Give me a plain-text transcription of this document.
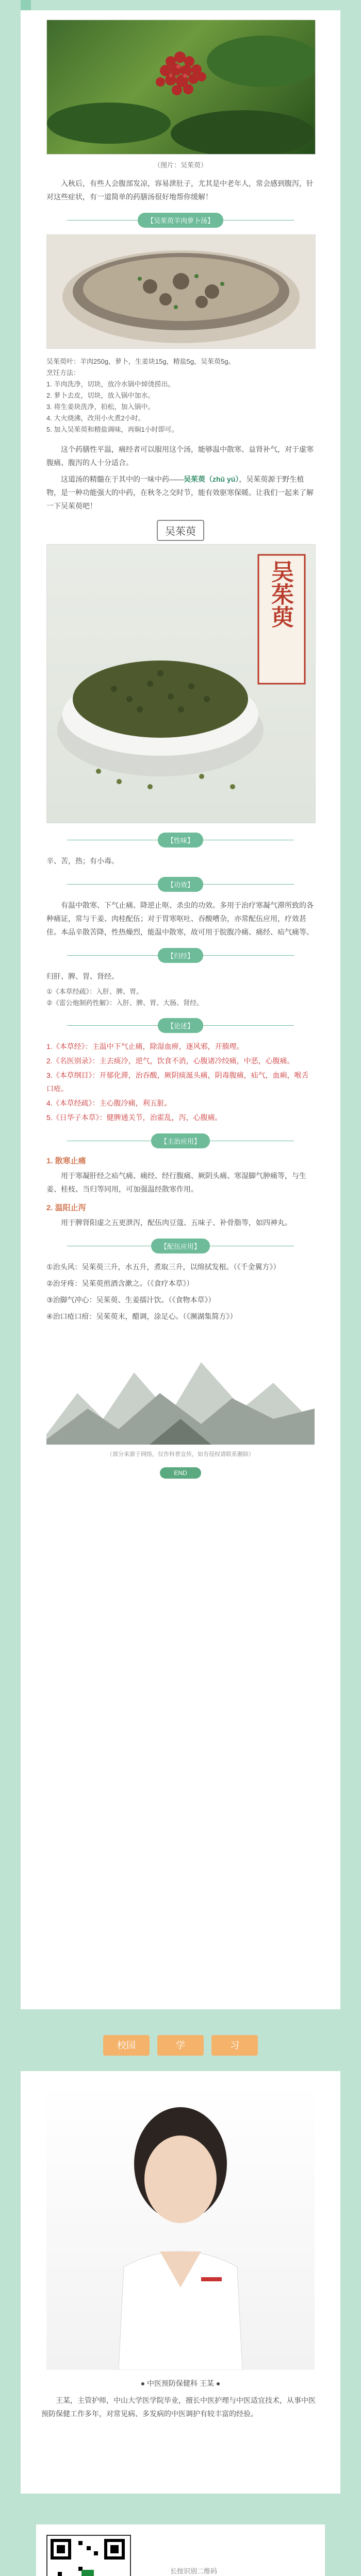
（图片：吴茱萸）

入秋后，有些人会腹部发凉，容易泄肚子，尤其是中老年人，常会感到腹泻，针对这些症状，有一道简单的药膳汤很好地帮你缓解！

【吴茱萸羊肉萝卜汤】

吴茱萸叶：羊肉250g，萝卜，生姜块15g，精盐5g，吴茱萸5g。

烹饪方法：

1. 羊肉洗净，切块，放冷水锅中焯烫捞出。

2. 萝卜去皮，切块，放入锅中加水。

3. 将生姜块洗净，拍松，加入锅中。

4. 大火烧沸，改用小火煮2小时。

5. 加入吴茱萸和精盐调味，再焖1小时即可。

这个药膳性平温，痛经者可以服用这个汤，能够温中散寒、益肾补气，对于虚寒腹痛、腹泻的人十分适合。

这道汤的精髓在于其中的一味中药——吴茱萸（zhū yú），吴茱萸源于野生植物，是一种功能强大的中药，在秋冬之交时节，能有效驱寒保暖。让我们一起来了解一下吴茱萸吧！

吴茱萸
吴茱萸
【性味】

辛、苦，热；有小毒。

【功效】

有温中散寒、下气止痛、降逆止呕、杀虫的功效。多用于治疗寒凝气滞所致的各种痛证，常与干姜、肉桂配伍；对于胃寒呕吐、吞酸嘈杂，亦常配伍应用，疗效甚佳。本品辛散苦降，性热燥烈，能温中散寒，故可用于脘腹冷痛、痛经、疝气痛等。

【归经】

归肝、脾、胃、肾经。

①《本草经疏》：入肝、脾、胃。

②《雷公炮制药性解》：入肝、脾、胃、大肠、肾经。

【论述】

1.《本草经》：主温中下气止痛，除湿血痹，逐风邪，开腠理。

2.《名医别录》：主去痰冷，逆气，饮食不消，心腹诸冷绞痛，中恶，心腹痛。

3.《本草纲目》：开郁化滞，治吞酸，厥阴痰涎头痛，阴毒腹痛，疝气，血痢，喉舌口疮。

4.《本草经疏》：主心腹冷痛，利五脏。

5.《日华子本草》：健脾通关节，治霍乱，泻，心腹痛。

【主治应用】
1. 散寒止痛

用于寒凝肝经之疝气痛、痛经、经行腹痛、厥阴头痛、寒湿脚气肿痛等，与生姜、桂枝、当归等同用，可加强温经散寒作用。

2. 温阳止泻

用于脾肾阳虚之五更泄泻，配伍肉豆蔻、五味子、补骨脂等，如四神丸。

【配伍应用】

①治头风：吴茱萸三升，水五升，煮取三升，以绵拭发根。（《千金翼方》）

②治牙疼：吴茱萸煎酒含漱之。（《食疗本草》）

③治脚气冲心：吴茱萸、生姜擂汁饮。（《食物本草》）

④治口疮口疳：吴茱萸末，醋调，涂足心。（《濒湖集简方》）

（部分来源于网络，仅作科普宣传，如有侵权请联系删除）

END
校园	学	习
● 中医预防保健科 王某 ●

王某，主管护师，中山大学医学院毕业，擅长中医护理与中医适宜技术，从事中医预防保健工作多年，对常见病、多发病的中医调护有较丰富的经验。

长按识别二维码
